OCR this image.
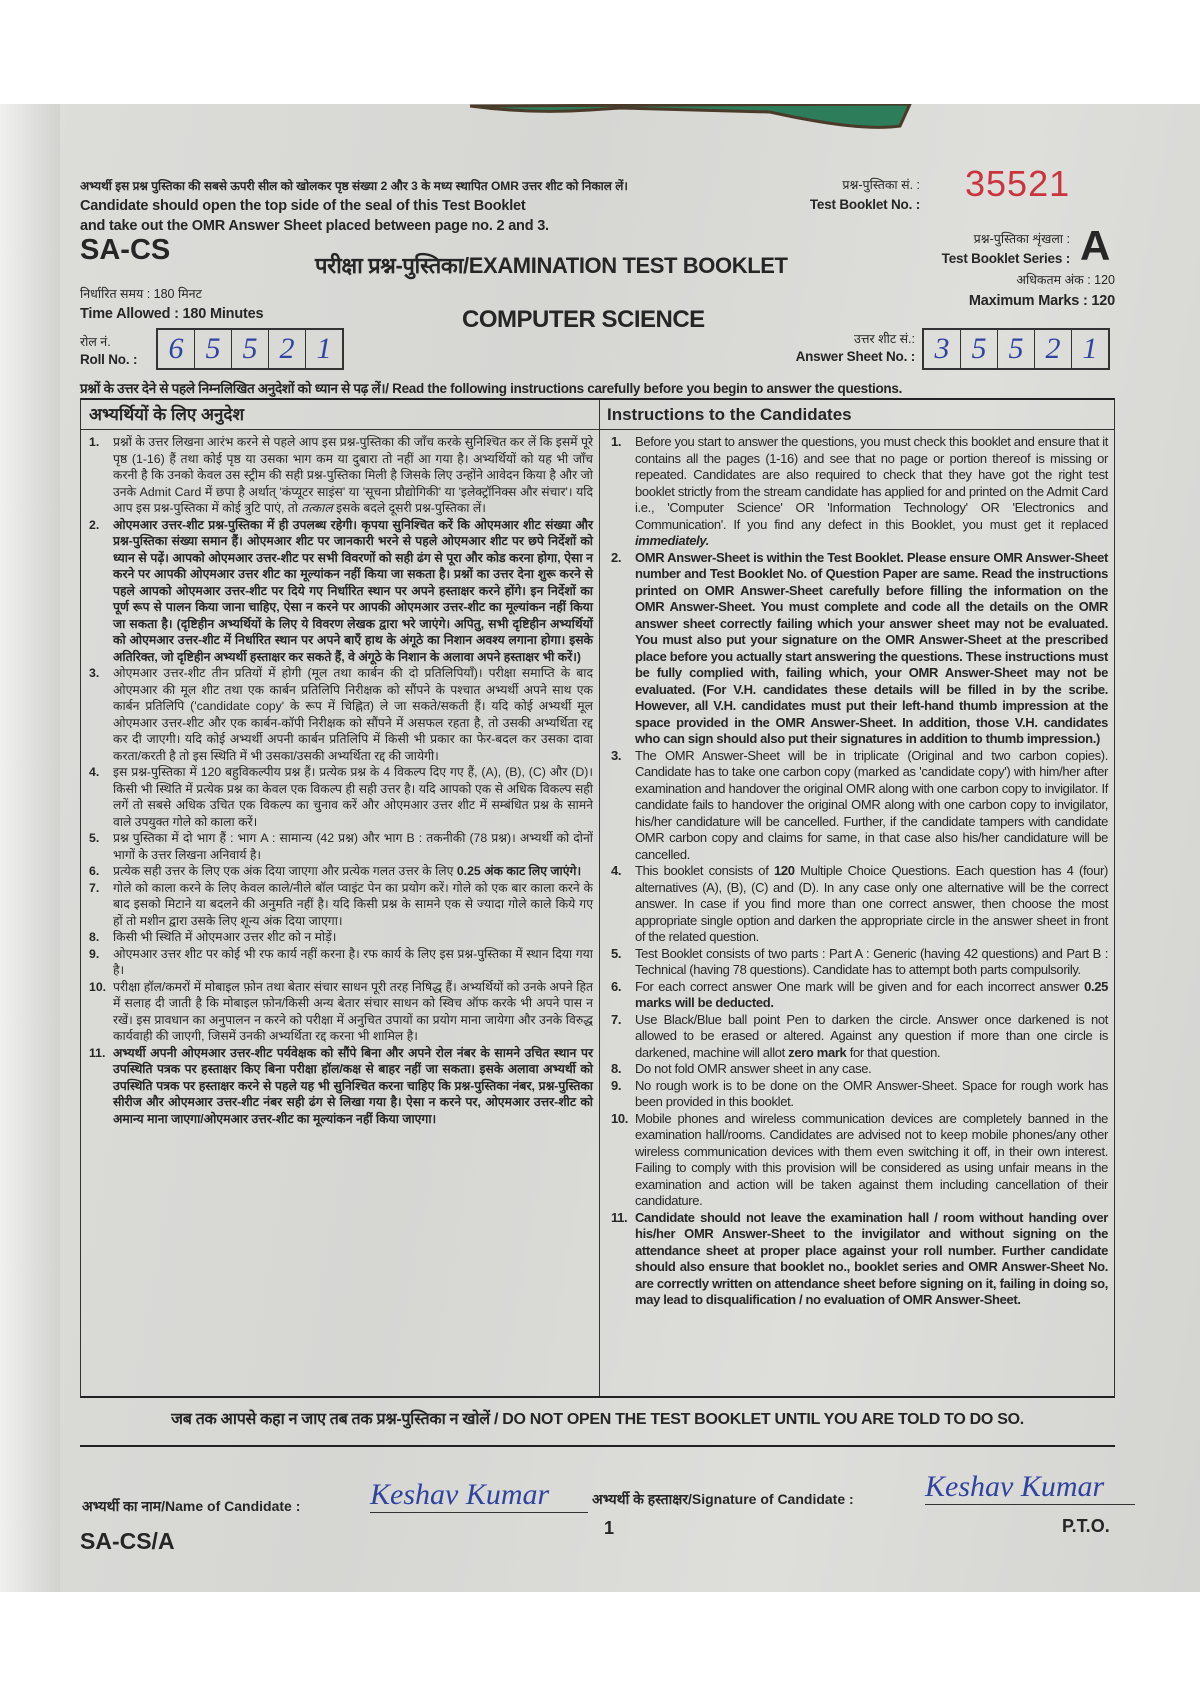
अभ्यर्थी इस प्रश्न पुस्तिका की सबसे ऊपरी सील को खोलकर पृष्ठ संख्या 2 और 3 के मध्य स्थापित OMR उत्तर शीट को निकाल लें।
Candidate should open the top side of the seal of this Test Booklet
and take out the OMR Answer Sheet placed between page no. 2 and 3.
प्रश्न-पुस्तिका सं. :
Test Booklet No. :
35521
SA-CS	परीक्षा प्रश्न-पुस्तिका/EXAMINATION TEST BOOKLET
प्रश्न-पुस्तिका शृंखला :
Test Booklet Series : A
अधिकतम अंक : 120
Maximum Marks : 120
निर्धारित समय : 180 मिनट
Time Allowed : 180 Minutes	COMPUTER SCIENCE
रोल नं.
Roll No. :	6 5 5 2 1	उत्तर शीट सं.:
Answer Sheet No. : 3 5 5 2 1
प्रश्नों के उत्तर देने से पहले निम्नलिखित अनुदेशों को ध्यान से पढ़ लें।/ Read the following instructions carefully before you begin to answer the questions.
अभ्यर्थियों के लिए अनुदेश	Instructions to the Candidates
1.	प्रश्नों के उत्तर लिखना आरंभ करने से पहले आप इस प्रश्न-पुस्तिका की जाँच करके सुनिश्चित कर लें कि इसमें पूरे पृष्ठ (1-16) हैं तथा कोई पृष्ठ या उसका भाग कम या दुबारा तो नहीं आ गया है। अभ्यर्थियों को यह भी जाँच करनी है कि उनको केवल उस स्ट्रीम की सही प्रश्न-पुस्तिका मिली है जिसके लिए उन्होंने आवेदन किया है और जो उनके Admit Card में छपा है अर्थात् 'कंप्यूटर साइंस' या 'सूचना प्रौद्योगिकी' या 'इलेक्ट्रॉनिक्स और संचार'। यदि आप इस प्रश्न-पुस्तिका में कोई त्रुटि पाएं, तो तत्काल इसके बदले दूसरी प्रश्न-पुस्तिका लें।
2.	ओएमआर उत्तर-शीट प्रश्न-पुस्तिका में ही उपलब्ध रहेगी। कृपया सुनिश्चित करें कि ओएमआर शीट संख्या और प्रश्न-पुस्तिका संख्या समान हैं। ओएमआर शीट पर जानकारी भरने से पहले ओएमआर शीट पर छपे निर्देशों को ध्यान से पढ़ें। आपको ओएमआर उत्तर-शीट पर सभी विवरणों को सही ढंग से पूरा और कोड करना होगा, ऐसा न करने पर आपकी ओएमआर उत्तर शीट का मूल्यांकन नहीं किया जा सकता है। प्रश्नों का उत्तर देना शुरू करने से पहले आपको ओएमआर उत्तर-शीट पर दिये गए निर्धारित स्थान पर अपने हस्ताक्षर करने होंगे। इन निर्देशों का पूर्ण रूप से पालन किया जाना चाहिए, ऐसा न करने पर आपकी ओएमआर उत्तर-शीट का मूल्यांकन नहीं किया जा सकता है। (दृष्टिहीन अभ्यर्थियों के लिए ये विवरण लेखक द्वारा भरे जाएंगे। अपितु, सभी दृष्टिहीन अभ्यर्थियों को ओएमआर उत्तर-शीट में निर्धारित स्थान पर अपने बाएँ हाथ के अंगूठे का निशान अवश्य लगाना होगा। इसके अतिरिक्त, जो दृष्टिहीन अभ्यर्थी हस्ताक्षर कर सकते हैं, वे अंगूठे के निशान के अलावा अपने हस्ताक्षर भी करें।)
3.	ओएमआर उत्तर-शीट तीन प्रतियों में होगी (मूल तथा कार्बन की दो प्रतिलिपियाँ)। परीक्षा समाप्ति के बाद ओएमआर की मूल शीट तथा एक कार्बन प्रतिलिपि निरीक्षक को सौंपने के पश्चात अभ्यर्थी अपने साथ एक कार्बन प्रतिलिपि ('candidate copy' के रूप में चिह्नित) ले जा सकते/सकती हैं। यदि कोई अभ्यर्थी मूल ओएमआर उत्तर-शीट और एक कार्बन-कॉपी निरीक्षक को सौंपने में असफल रहता है, तो उसकी अभ्यर्थिता रद्द कर दी जाएगी। यदि कोई अभ्यर्थी अपनी कार्बन प्रतिलिपि में किसी भी प्रकार का फेर-बदल कर उसका दावा करता/करती है तो इस स्थिति में भी उसका/उसकी अभ्यर्थिता रद्द की जायेगी।
4.	इस प्रश्न-पुस्तिका में 120 बहुविकल्पीय प्रश्न हैं। प्रत्येक प्रश्न के 4 विकल्प दिए गए हैं, (A), (B), (C) और (D)। किसी भी स्थिति में प्रत्येक प्रश्न का केवल एक विकल्प ही सही उत्तर है। यदि आपको एक से अधिक विकल्प सही लगें तो सबसे अधिक उचित एक विकल्प का चुनाव करें और ओएमआर उत्तर शीट में सम्बंधित प्रश्न के सामने वाले उपयुक्त गोले को काला करें।
5.	प्रश्न पुस्तिका में दो भाग हैं : भाग A : सामान्य (42 प्रश्न) और भाग B : तकनीकी (78 प्रश्न)। अभ्यर्थी को दोनों भागों के उत्तर लिखना अनिवार्य है।
6.	प्रत्येक सही उत्तर के लिए एक अंक दिया जाएगा और प्रत्येक गलत उत्तर के लिए 0.25 अंक काट लिए जाएंगे।
7.	गोले को काला करने के लिए केवल काले/नीले बॉल प्वाइंट पेन का प्रयोग करें। गोले को एक बार काला करने के बाद इसको मिटाने या बदलने की अनुमति नहीं है। यदि किसी प्रश्न के सामने एक से ज्यादा गोले काले किये गए हों तो मशीन द्वारा उसके लिए शून्य अंक दिया जाएगा।
8.	किसी भी स्थिति में ओएमआर उत्तर शीट को न मोड़ें।
9.	ओएमआर उत्तर शीट पर कोई भी रफ कार्य नहीं करना है। रफ कार्य के लिए इस प्रश्न-पुस्तिका में स्थान दिया गया है।
10. परीक्षा हॉल/कमरों में मोबाइल फ़ोन तथा बेतार संचार साधन पूरी तरह निषिद्ध हैं। अभ्यर्थियों को उनके अपने हित में सलाह दी जाती है कि मोबाइल फ़ोन/किसी अन्य बेतार संचार साधन को स्विच ऑफ करके भी अपने पास न रखें। इस प्रावधान का अनुपालन न करने को परीक्षा में अनुचित उपायों का प्रयोग माना जायेगा और उनके विरुद्ध कार्यवाही की जाएगी, जिसमें उनकी अभ्यर्थिता रद्द करना भी शामिल है।
11. अभ्यर्थी अपनी ओएमआर उत्तर-शीट पर्यवेक्षक को सौंपे बिना और अपने रोल नंबर के सामने उचित स्थान पर उपस्थिति पत्रक पर हस्ताक्षर किए बिना परीक्षा हॉल/कक्ष से बाहर नहीं जा सकता। इसके अलावा अभ्यर्थी को उपस्थिति पत्रक पर हस्ताक्षर करने से पहले यह भी सुनिश्चित करना चाहिए कि प्रश्न-पुस्तिका नंबर, प्रश्न-पुस्तिका सीरीज और ओएमआर उत्तर-शीट नंबर सही ढंग से लिखा गया है। ऐसा न करने पर, ओएमआर उत्तर-शीट को अमान्य माना जाएगा/ओएमआर उत्तर-शीट का मूल्यांकन नहीं किया जाएगा।
1.	Before you start to answer the questions, you must check this booklet and ensure that it contains all the pages (1-16) and see that no page or portion thereof is missing or repeated. Candidates are also required to check that they have got the right test booklet strictly from the stream candidate has applied for and printed on the Admit Card i.e., 'Computer Science' OR 'Information Technology' OR 'Electronics and Communication'. If you find any defect in this Booklet, you must get it replaced immediately.
2.	OMR Answer-Sheet is within the Test Booklet. Please ensure OMR Answer-Sheet number and Test Booklet No. of Question Paper are same. Read the instructions printed on OMR Answer-Sheet carefully before filling the information on the OMR Answer-Sheet. You must complete and code all the details on the OMR answer sheet correctly failing which your answer sheet may not be evaluated. You must also put your signature on the OMR Answer-Sheet at the prescribed place before you actually start answering the questions. These instructions must be fully complied with, failing which, your OMR Answer-Sheet may not be evaluated. (For V.H. candidates these details will be filled in by the scribe. However, all V.H. candidates must put their left-hand thumb impression at the space provided in the OMR Answer-Sheet. In addition, those V.H. candidates who can sign should also put their signatures in addition to thumb impression.)
3.	The OMR Answer-Sheet will be in triplicate (Original and two carbon copies). Candidate has to take one carbon copy (marked as 'candidate copy') with him/her after examination and handover the original OMR along with one carbon copy to invigilator. If candidate fails to handover the original OMR along with one carbon copy to invigilator, his/her candidature will be cancelled. Further, if the candidate tampers with candidate OMR carbon copy and claims for same, in that case also his/her candidature will be cancelled.
4.	This booklet consists of 120 Multiple Choice Questions. Each question has 4 (four) alternatives (A), (B), (C) and (D). In any case only one alternative will be the correct answer. In case if you find more than one correct answer, then choose the most appropriate single option and darken the appropriate circle in the answer sheet in front of the related question.
5.	Test Booklet consists of two parts : Part A : Generic (having 42 questions) and Part B : Technical (having 78 questions). Candidate has to attempt both parts compulsorily.
6.	For each correct answer One mark will be given and for each incorrect answer 0.25 marks will be deducted.
7.	Use Black/Blue ball point Pen to darken the circle. Answer once darkened is not allowed to be erased or altered. Against any question if more than one circle is darkened, machine will allot zero mark for that question.
8.	Do not fold OMR answer sheet in any case.
9.	No rough work is to be done on the OMR Answer-Sheet. Space for rough work has been provided in this booklet.
10. Mobile phones and wireless communication devices are completely banned in the examination hall/rooms. Candidates are advised not to keep mobile phones/any other wireless communication devices with them even switching it off, in their own interest. Failing to comply with this provision will be considered as using unfair means in the examination and action will be taken against them including cancellation of their candidature.
11. Candidate should not leave the examination hall / room without handing over his/her OMR Answer-Sheet to the invigilator and without signing on the attendance sheet at proper place against your roll number. Further candidate should also ensure that booklet no., booklet series and OMR Answer-Sheet No. are correctly written on attendance sheet before signing on it, failing in doing so, may lead to disqualification / no evaluation of OMR Answer-Sheet.
जब तक आपसे कहा न जाए तब तक प्रश्न-पुस्तिका न खोलें / DO NOT OPEN THE TEST BOOKLET UNTIL YOU ARE TOLD TO DO SO.
अभ्यर्थी का नाम/Name of Candidate : Keshav Kumar	अभ्यर्थी के हस्ताक्षर/Signature of Candidate : Keshav Kumar
1	P.T.O.
SA-CS/A
